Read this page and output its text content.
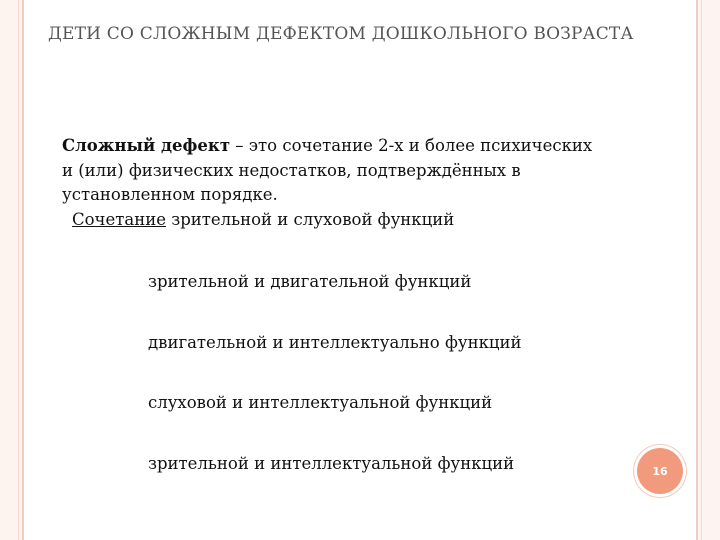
ДЕТИ СО СЛОЖНЫМ ДЕФЕКТОМ ДОШКОЛЬНОГО ВОЗРАСТА
Сложный дефект – это сочетание 2-х и более психических и (или) физических недостатков, подтверждённых в установленном порядке.
Сочетание зрительной и слуховой функций
зрительной и двигательной функций
двигательной и интеллектуально функций
слуховой и интеллектуальной функций
зрительной и интеллектуальной функций	16
